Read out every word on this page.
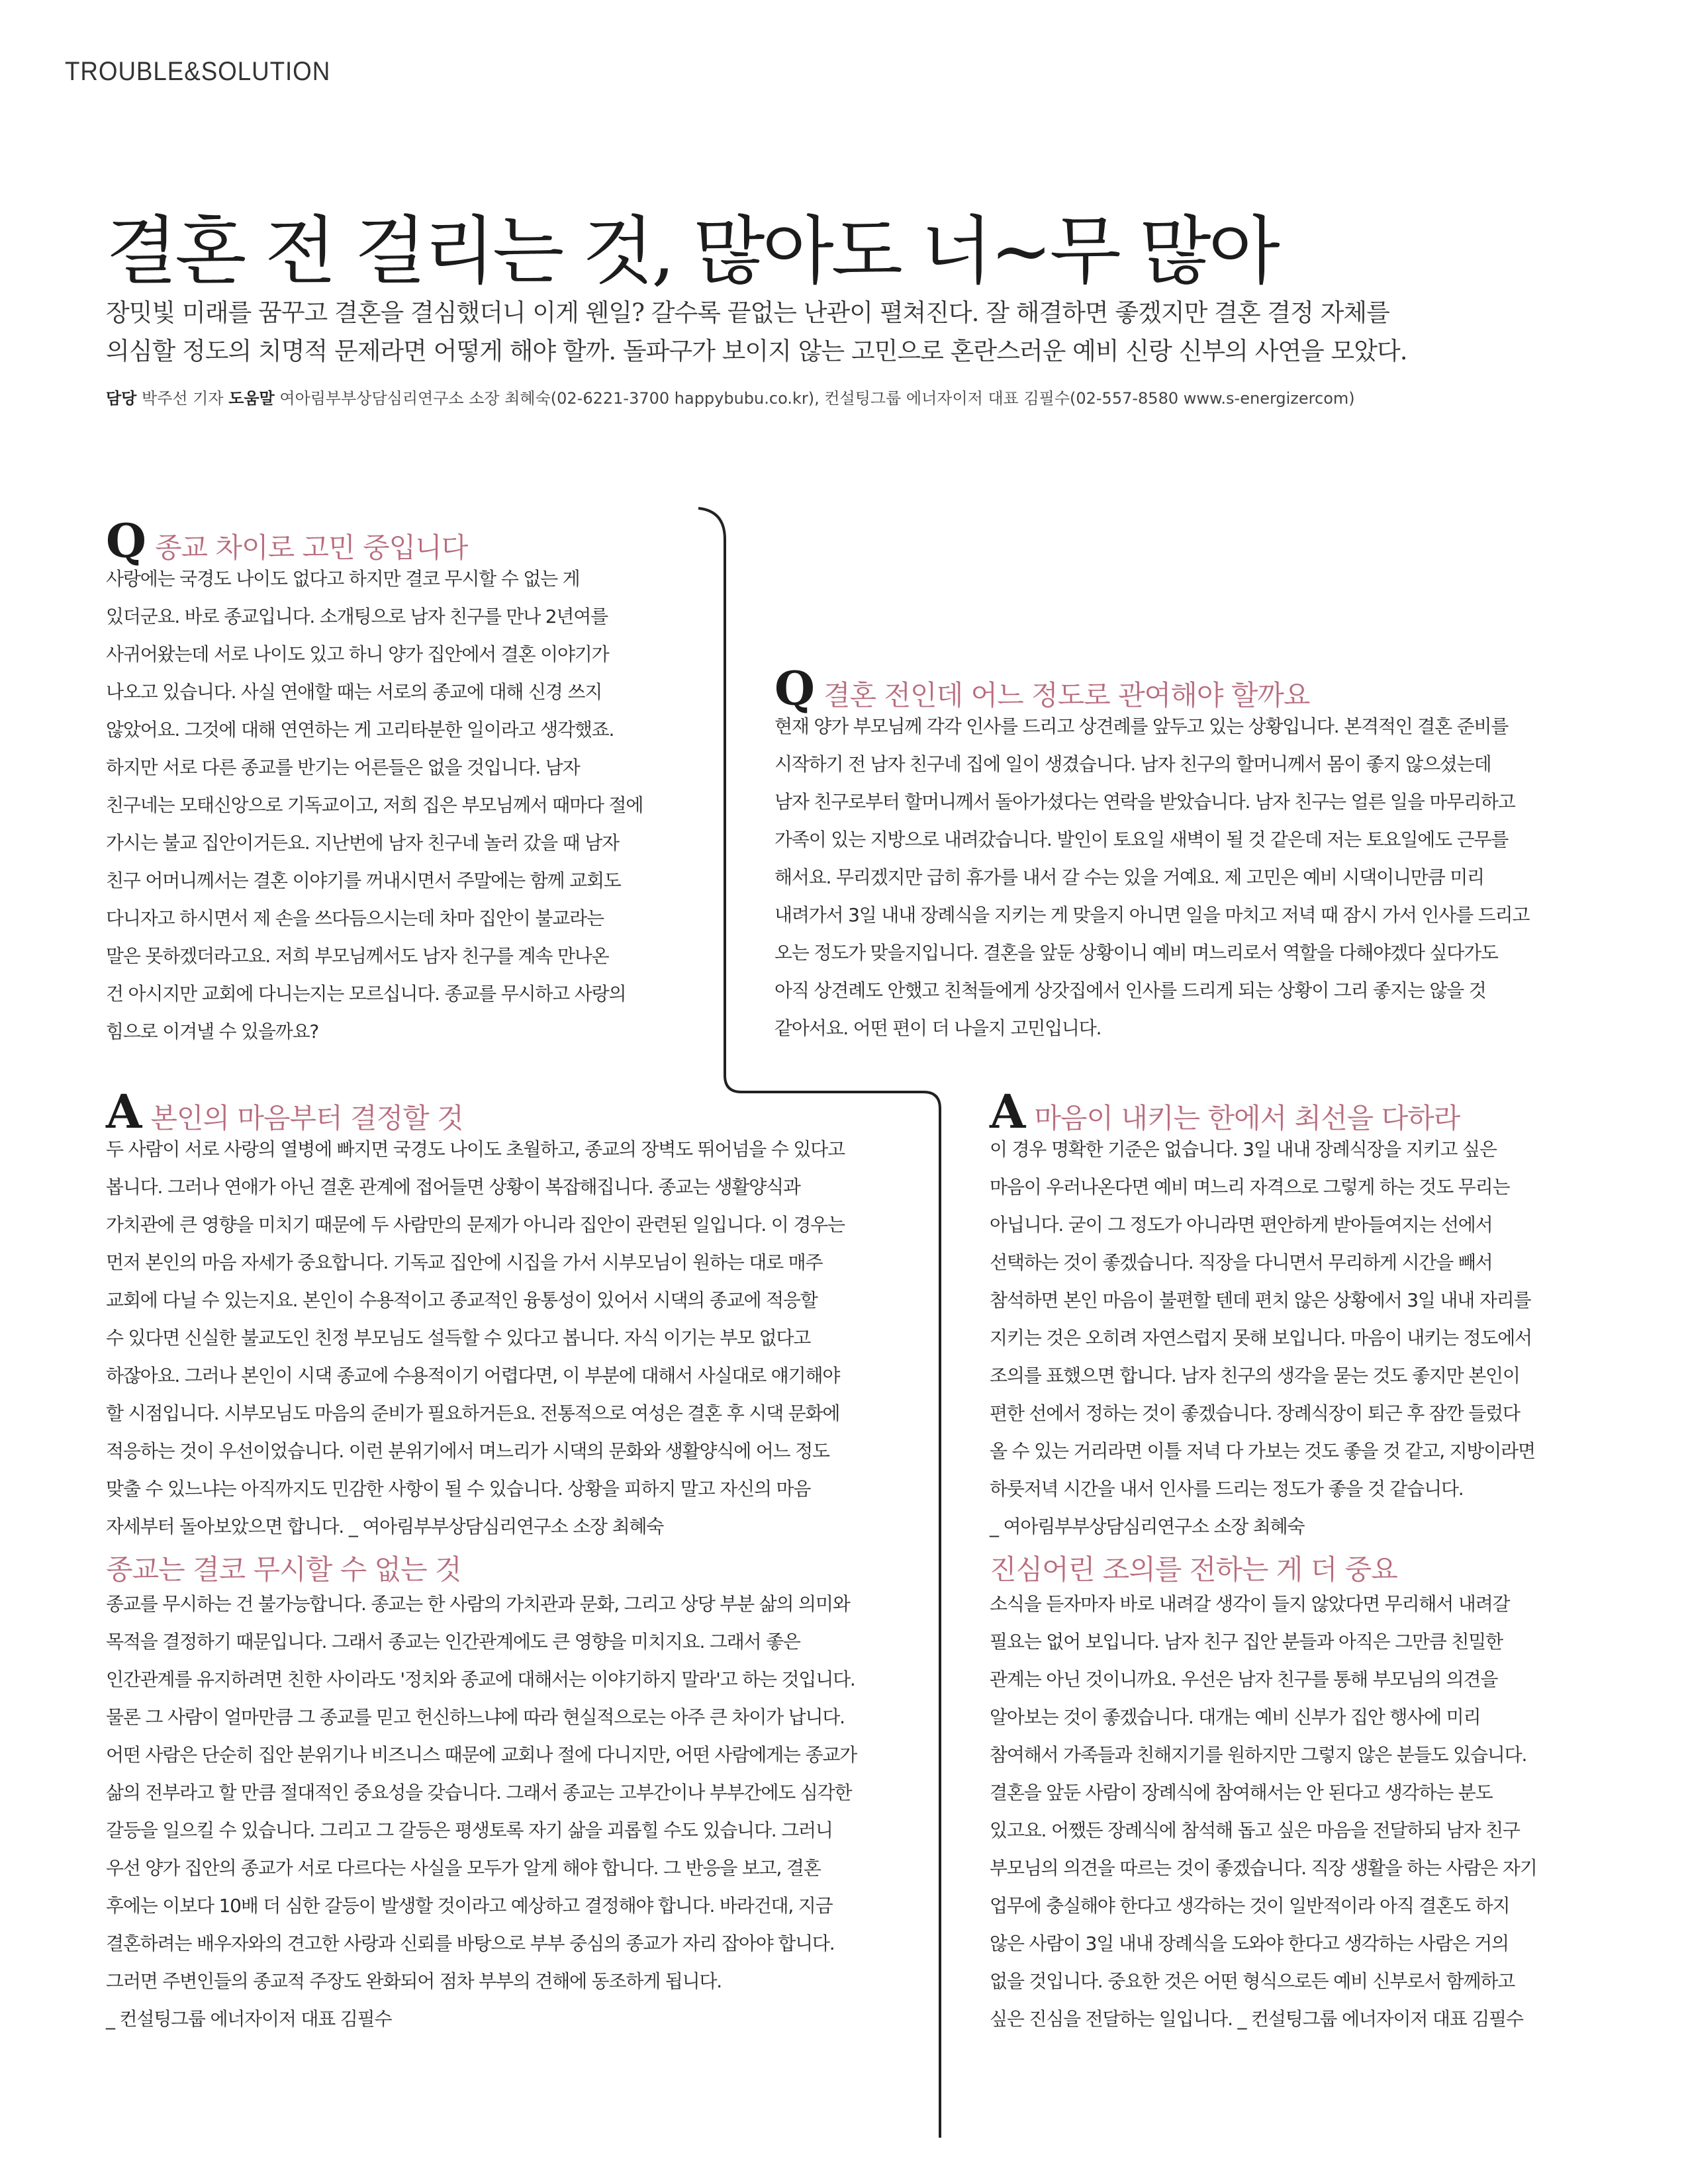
TROUBLE&SOLUTION
결혼 전 걸리는 것, 많아도 너~무 많아

장밋빛 미래를 꿈꾸고 결혼을 결심했더니 이게 웬일? 갈수록 끝없는 난관이 펼쳐진다. 잘 해결하면 좋겠지만 결혼 결정 자체를
의심할 정도의 치명적 문제라면 어떻게 해야 할까. 돌파구가 보이지 않는 고민으로 혼란스러운 예비 신랑 신부의 사연을 모았다.

담당 박주선 기자 도움말 여아림부부상담심리연구소 소장 최혜숙(02-6221-3700 happybubu.co.kr), 컨설팅그룹 에너자이저 대표 김필수(02-557-8580 www.s-energizercom)

Q 종교 차이로 고민 중입니다

사랑에는 국경도 나이도 없다고 하지만 결코 무시할 수 없는 게
있더군요. 바로 종교입니다. 소개팅으로 남자 친구를 만나 2년여를
사귀어왔는데 서로 나이도 있고 하니 양가 집안에서 결혼 이야기가
나오고 있습니다. 사실 연애할 때는 서로의 종교에 대해 신경 쓰지
않았어요. 그것에 대해 연연하는 게 고리타분한 일이라고 생각했죠.
하지만 서로 다른 종교를 반기는 어른들은 없을 것입니다. 남자
친구네는 모태신앙으로 기독교이고, 저희 집은 부모님께서 때마다 절에
가시는 불교 집안이거든요. 지난번에 남자 친구네 놀러 갔을 때 남자
친구 어머니께서는 결혼 이야기를 꺼내시면서 주말에는 함께 교회도
다니자고 하시면서 제 손을 쓰다듬으시는데 차마 집안이 불교라는
말은 못하겠더라고요. 저희 부모님께서도 남자 친구를 계속 만나온
건 아시지만 교회에 다니는지는 모르십니다. 종교를 무시하고 사랑의
힘으로 이겨낼 수 있을까요?

Q 결혼 전인데 어느 정도로 관여해야 할까요

현재 양가 부모님께 각각 인사를 드리고 상견례를 앞두고 있는 상황입니다. 본격적인 결혼 준비를
시작하기 전 남자 친구네 집에 일이 생겼습니다. 남자 친구의 할머니께서 몸이 좋지 않으셨는데
남자 친구로부터 할머니께서 돌아가셨다는 연락을 받았습니다. 남자 친구는 얼른 일을 마무리하고
가족이 있는 지방으로 내려갔습니다. 발인이 토요일 새벽이 될 것 같은데 저는 토요일에도 근무를
해서요. 무리겠지만 급히 휴가를 내서 갈 수는 있을 거예요. 제 고민은 예비 시댁이니만큼 미리
내려가서 3일 내내 장례식을 지키는 게 맞을지 아니면 일을 마치고 저녁 때 잠시 가서 인사를 드리고
오는 정도가 맞을지입니다. 결혼을 앞둔 상황이니 예비 며느리로서 역할을 다해야겠다 싶다가도
아직 상견례도 안했고 친척들에게 상갓집에서 인사를 드리게 되는 상황이 그리 좋지는 않을 것
같아서요. 어떤 편이 더 나을지 고민입니다.

A 본인의 마음부터 결정할 것

두 사람이 서로 사랑의 열병에 빠지면 국경도 나이도 초월하고, 종교의 장벽도 뛰어넘을 수 있다고
봅니다. 그러나 연애가 아닌 결혼 관계에 접어들면 상황이 복잡해집니다. 종교는 생활양식과
가치관에 큰 영향을 미치기 때문에 두 사람만의 문제가 아니라 집안이 관련된 일입니다. 이 경우는
먼저 본인의 마음 자세가 중요합니다. 기독교 집안에 시집을 가서 시부모님이 원하는 대로 매주
교회에 다닐 수 있는지요. 본인이 수용적이고 종교적인 융통성이 있어서 시댁의 종교에 적응할
수 있다면 신실한 불교도인 친정 부모님도 설득할 수 있다고 봅니다. 자식 이기는 부모 없다고
하잖아요. 그러나 본인이 시댁 종교에 수용적이기 어렵다면, 이 부분에 대해서 사실대로 얘기해야
할 시점입니다. 시부모님도 마음의 준비가 필요하거든요. 전통적으로 여성은 결혼 후 시댁 문화에
적응하는 것이 우선이었습니다. 이런 분위기에서 며느리가 시댁의 문화와 생활양식에 어느 정도
맞출 수 있느냐는 아직까지도 민감한 사항이 될 수 있습니다. 상황을 피하지 말고 자신의 마음
자세부터 돌아보았으면 합니다. _ 여아림부부상담심리연구소 소장 최혜숙

종교는 결코 무시할 수 없는 것

종교를 무시하는 건 불가능합니다. 종교는 한 사람의 가치관과 문화, 그리고 상당 부분 삶의 의미와
목적을 결정하기 때문입니다. 그래서 종교는 인간관계에도 큰 영향을 미치지요. 그래서 좋은
인간관계를 유지하려면 친한 사이라도 '정치와 종교에 대해서는 이야기하지 말라'고 하는 것입니다.
물론 그 사람이 얼마만큼 그 종교를 믿고 헌신하느냐에 따라 현실적으로는 아주 큰 차이가 납니다.
어떤 사람은 단순히 집안 분위기나 비즈니스 때문에 교회나 절에 다니지만, 어떤 사람에게는 종교가
삶의 전부라고 할 만큼 절대적인 중요성을 갖습니다. 그래서 종교는 고부간이나 부부간에도 심각한
갈등을 일으킬 수 있습니다. 그리고 그 갈등은 평생토록 자기 삶을 괴롭힐 수도 있습니다. 그러니
우선 양가 집안의 종교가 서로 다르다는 사실을 모두가 알게 해야 합니다. 그 반응을 보고, 결혼
후에는 이보다 10배 더 심한 갈등이 발생할 것이라고 예상하고 결정해야 합니다. 바라건대, 지금
결혼하려는 배우자와의 견고한 사랑과 신뢰를 바탕으로 부부 중심의 종교가 자리 잡아야 합니다.
그러면 주변인들의 종교적 주장도 완화되어 점차 부부의 견해에 동조하게 됩니다.
_ 컨설팅그룹 에너자이저 대표 김필수

A 마음이 내키는 한에서 최선을 다하라

이 경우 명확한 기준은 없습니다. 3일 내내 장례식장을 지키고 싶은
마음이 우러나온다면 예비 며느리 자격으로 그렇게 하는 것도 무리는
아닙니다. 굳이 그 정도가 아니라면 편안하게 받아들여지는 선에서
선택하는 것이 좋겠습니다. 직장을 다니면서 무리하게 시간을 빼서
참석하면 본인 마음이 불편할 텐데 편치 않은 상황에서 3일 내내 자리를
지키는 것은 오히려 자연스럽지 못해 보입니다. 마음이 내키는 정도에서
조의를 표했으면 합니다. 남자 친구의 생각을 묻는 것도 좋지만 본인이
편한 선에서 정하는 것이 좋겠습니다. 장례식장이 퇴근 후 잠깐 들렀다
올 수 있는 거리라면 이틀 저녁 다 가보는 것도 좋을 것 같고, 지방이라면
하룻저녁 시간을 내서 인사를 드리는 정도가 좋을 것 같습니다.
_ 여아림부부상담심리연구소 소장 최혜숙

진심어린 조의를 전하는 게 더 중요

소식을 듣자마자 바로 내려갈 생각이 들지 않았다면 무리해서 내려갈
필요는 없어 보입니다. 남자 친구 집안 분들과 아직은 그만큼 친밀한
관계는 아닌 것이니까요. 우선은 남자 친구를 통해 부모님의 의견을
알아보는 것이 좋겠습니다. 대개는 예비 신부가 집안 행사에 미리
참여해서 가족들과 친해지기를 원하지만 그렇지 않은 분들도 있습니다.
결혼을 앞둔 사람이 장례식에 참여해서는 안 된다고 생각하는 분도
있고요. 어쨌든 장례식에 참석해 돕고 싶은 마음을 전달하되 남자 친구
부모님의 의견을 따르는 것이 좋겠습니다. 직장 생활을 하는 사람은 자기
업무에 충실해야 한다고 생각하는 것이 일반적이라 아직 결혼도 하지
않은 사람이 3일 내내 장례식을 도와야 한다고 생각하는 사람은 거의
없을 것입니다. 중요한 것은 어떤 형식으로든 예비 신부로서 함께하고
싶은 진심을 전달하는 일입니다. _ 컨설팅그룹 에너자이저 대표 김필수
